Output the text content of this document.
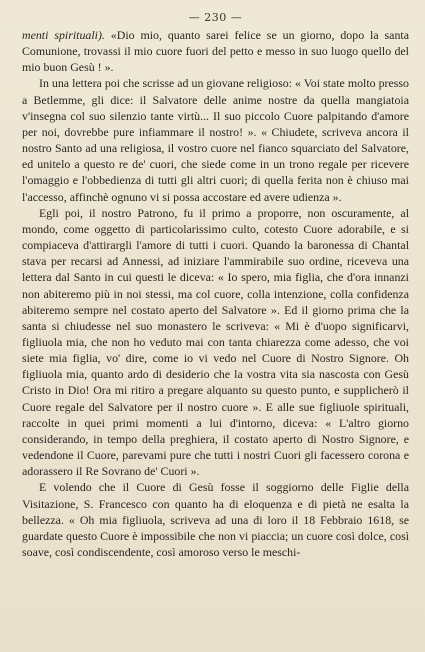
— 230 —

menti spirituali). «Dio mio, quanto sarei felice se un giorno, dopo la santa Comunione, trovassi il mio cuore fuori del petto e messo in suo luogo quello del mio buon Gesù ! ».

In una lettera poi che scrisse ad un giovane religioso: « Voi state molto presso a Betlemme, gli dice: il Salvatore delle anime nostre da quella mangiatoia v'insegna col suo silenzio tante virtù... Il suo piccolo Cuore palpitando d'amore per noi, dovrebbe pure infiammare il nostro! ». « Chiudete, scriveva ancora il nostro Santo ad una religiosa, il vostro cuore nel fianco squarciato del Salvatore, ed unitelo a questo re de' cuori, che siede come in un trono regale per ricevere l'omaggio e l'obbedienza di tutti gli altri cuori; di quella ferita non è chiuso mai l'accesso, affinchè ognuno vi si possa accostare ed avere udienza ».

Egli poi, il nostro Patrono, fu il primo a proporre, non oscuramente, al mondo, come oggetto di particolarissimo culto, cotesto Cuore adorabile, e si compiaceva d'attirargli l'amore di tutti i cuori. Quando la baronessa di Chantal stava per recarsi ad Annessi, ad iniziare l'ammirabile suo ordine, riceveva una lettera dal Santo in cui questi le diceva: « Io spero, mia figlia, che d'ora innanzi non abiteremo più in noi stessi, ma col cuore, colla intenzione, colla confidenza abiteremo sempre nel costato aperto del Salvatore ». Ed il giorno prima che la santa si chiudesse nel suo monastero le scriveva: « Mi è d'uopo significarvi, figliuola mia, che non ho veduto mai con tanta chiarezza come adesso, che voi siete mia figlia, vo' dire, come io vi vedo nel Cuore di Nostro Signore. Oh figliuola mia, quanto ardo di desiderio che la vostra vita sia nascosta con Gesù Cristo in Dio! Ora mi ritiro a pregare alquanto su questo punto, e supplicherò il Cuore regale del Salvatore per il nostro cuore ». E alle sue figliuole spirituali, raccolte in quei primi momenti a lui d'intorno, diceva: « L'altro giorno considerando, in tempo della preghiera, il costato aperto di Nostro Signore, e vedendone il Cuore, parevami pure che tutti i nostri Cuori gli facessero corona e adorassero il Re Sovrano de' Cuori ».

E volendo che il Cuore di Gesù fosse il soggiorno delle Figlie della Visitazione, S. Francesco con quanto ha di eloquenza e di pietà ne esalta la bellezza. « Oh mia figliuola, scriveva ad una di loro il 18 Febbraio 1618, se guardate questo Cuore è impossibile che non vi piaccia; un cuore così dolce, così soave, così condiscendente, così amoroso verso le meschi-
